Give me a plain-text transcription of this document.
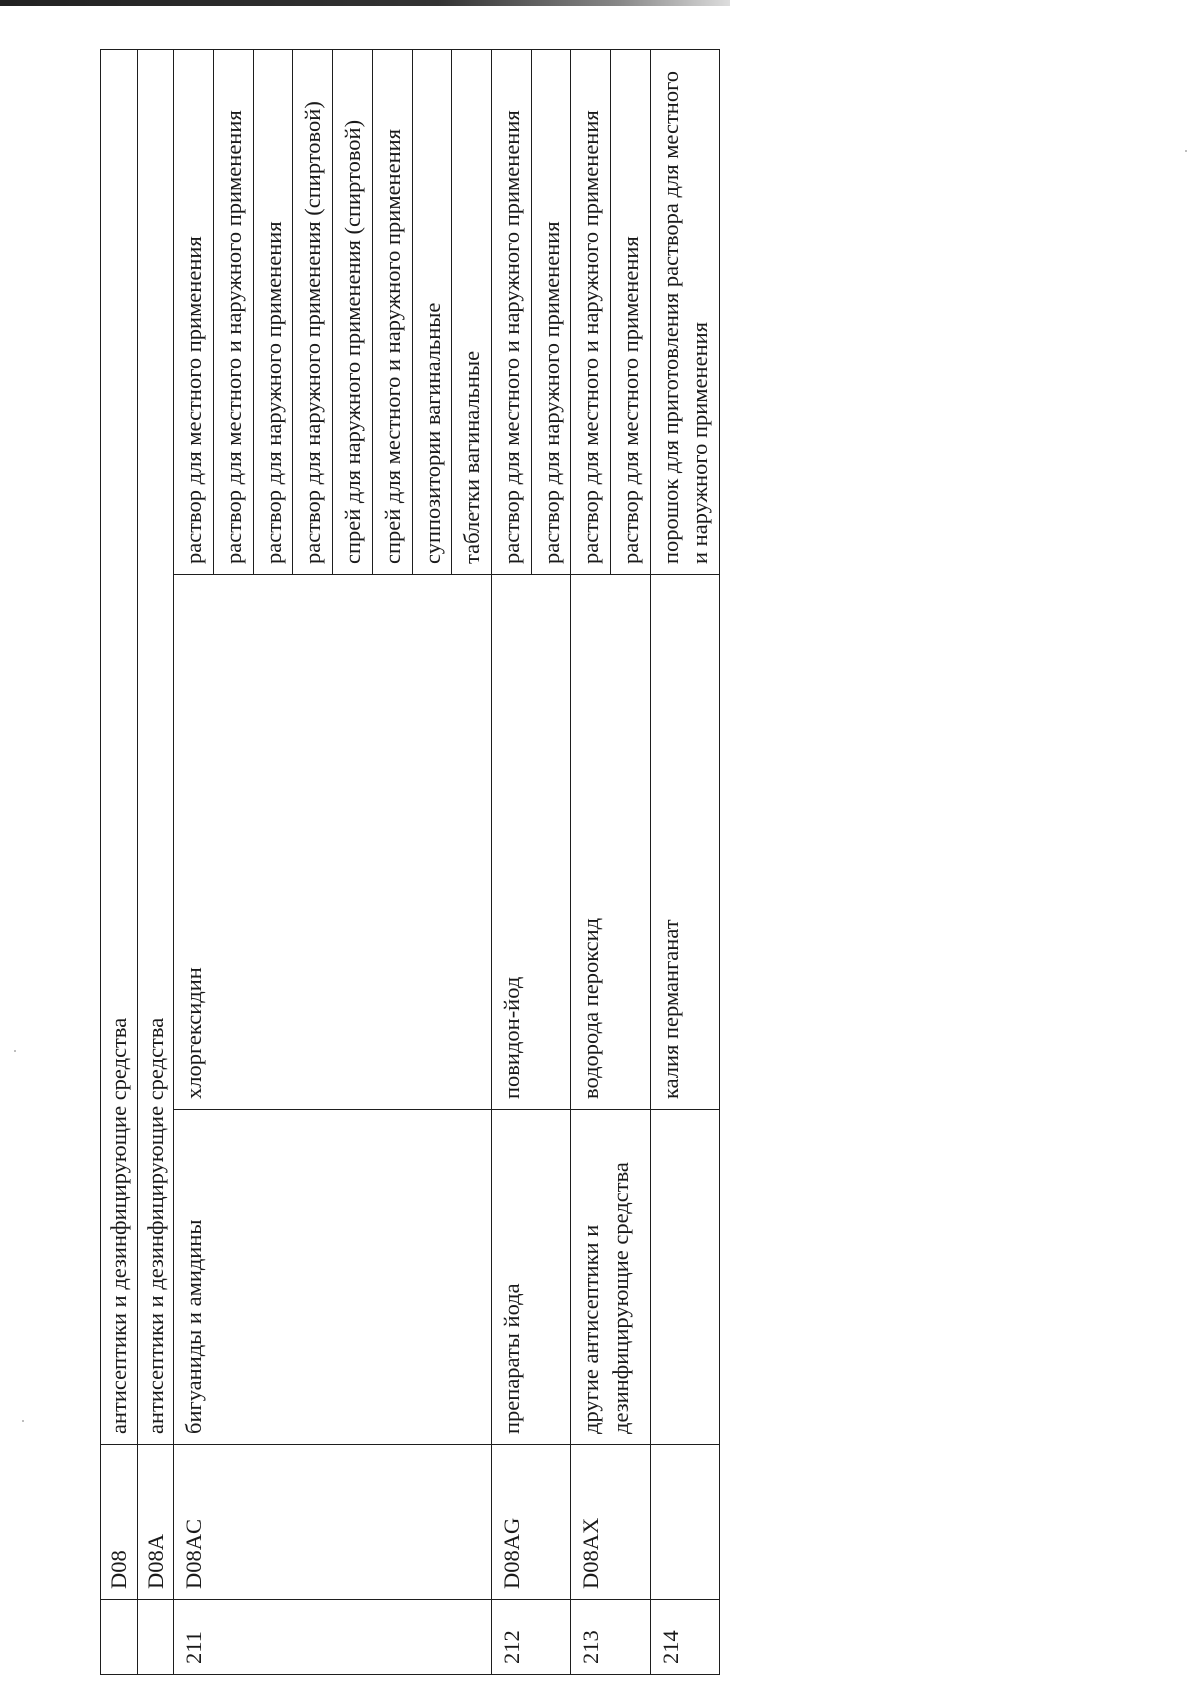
	D08	антисептики и дезинфицирующие средства		
	D08A	антисептики и дезинфицирующие средства		
211	D08AC	бигуаниды и амидины	хлоргексидин	раствор для местного применения
				раствор для местного и наружного применения
				раствор для наружного применения
				раствор для наружного применения (спиртовой)
				спрей для наружного применения (спиртовой)
				спрей для местного и наружного применения
				суппозитории вагинальные
				таблетки вагинальные
212	D08AG	препараты йода	повидон-йод	раствор для местного и наружного применения
				раствор для наружного применения
213	D08AX	другие антисептики и дезинфицирующие средства	водорода пероксид	раствор для местного и наружного применения
				раствор для местного применения
214			калия перманганат	порошок для приготовления раствора для местного и наружного применения
